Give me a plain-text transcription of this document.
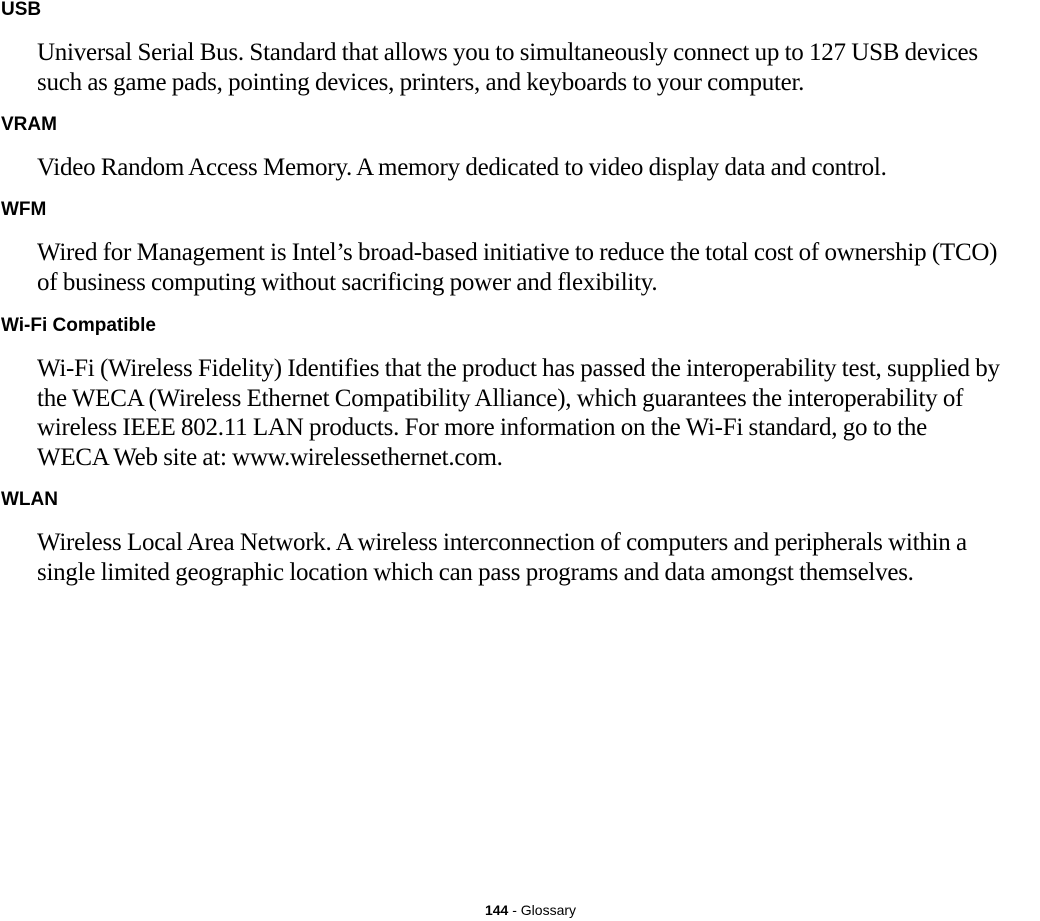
USB
Universal Serial Bus. Standard that allows you to simultaneously connect up to 127 USB devices such as game pads, pointing devices, printers, and keyboards to your computer.
VRAM
Video Random Access Memory. A memory dedicated to video display data and control.
WFM
Wired for Management is Intel’s broad-based initiative to reduce the total cost of ownership (TCO) of business computing without sacrificing power and flexibility.
Wi-Fi Compatible
Wi-Fi (Wireless Fidelity) Identifies that the product has passed the interoperability test, supplied by the WECA (Wireless Ethernet Compatibility Alliance), which guarantees the interoperability of wireless IEEE 802.11 LAN products. For more information on the Wi-Fi standard, go to the WECA Web site at: www.wirelessethernet.com.
WLAN
Wireless Local Area Network. A wireless interconnection of computers and peripherals within a single limited geographic location which can pass programs and data amongst themselves.
144 - Glossary
